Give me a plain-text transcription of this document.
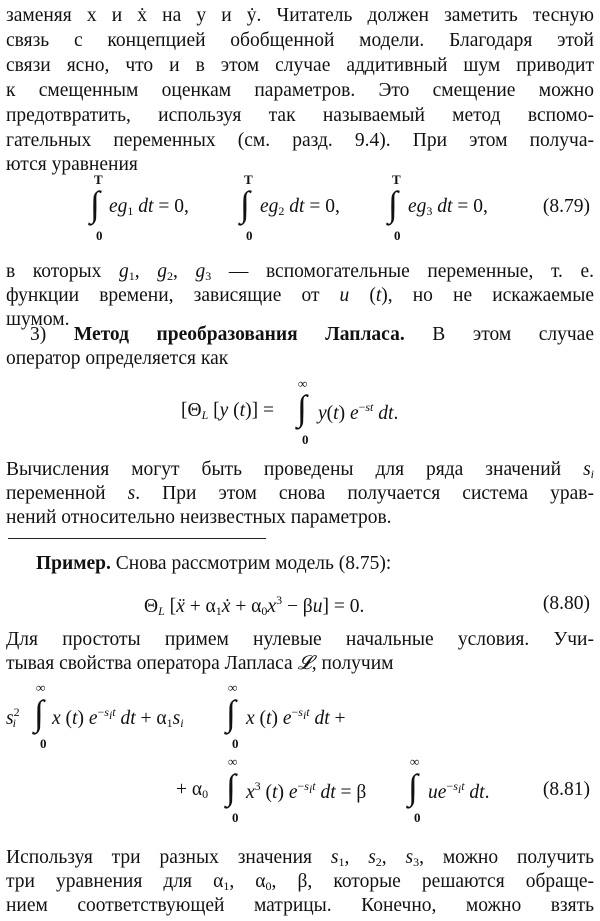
заменяя x и ẋ на y и ẏ. Читатель должен заметить тесную
связь с концепцией обобщенной модели. Благодаря этой
связи ясно, что и в этом случае аддитивный шум приводит
к смещенным оценкам параметров. Это смещение можно
предотвратить, используя так называемый метод вспомо-
гательных переменных (см. разд. 9.4). При этом получа-
ются уравнения
T
∫
0
$eg_1$ dt = 0,
T
∫
0
$eg_2$ dt = 0,
T
∫
0
$eg_3$ dt = 0,	(8.79)
в которых $g_1$, $g_2$, $g_3$ — вспомогательные переменные, т. е.
функции времени, зависящие от u (t), но не искажаемые
шумом.
3) Метод преобразования Лапласа. В этом случае
оператор определяется как
[$\Theta_L$ [y (t)] =
∞
∫
0
y(t) $e^{-st}$ dt.
Вычисления могут быть проведены для ряда значений $s_i$
переменной s. При этом снова получается система урав-
нений относительно неизвестных параметров.
Пример. Снова рассмотрим модель (8.75):
$\Theta_L$ [ẍ + $\alpha_1ẋ + \alpha_0x^3 - \beta u] = 0$.	(8.80)
Для простоты примем нулевые начальные условия. Учи-
тывая свойства оператора Лапласа 𝓛, получим
$s^2_i$
∞
∫
0
x (t) $e^{-s_it}$ dt + $\alpha_1s_i$
∞
∫
0
x (t) $e^{-s_it}$ dt +
+ $\alpha_0$
∞
∫
0
$x^3$ (t) $e^{-s_it}$ dt = β
∞
∫
0
$ue^{-s_it}$ dt.	(8.81)
Используя три разных значения $s_1$, $s_2$, $s_3$, можно получить
три уравнения для $\alpha_1$, $\alpha_0$, β, которые решаются обраще-
нием соответствующей матрицы. Конечно, можно взять
